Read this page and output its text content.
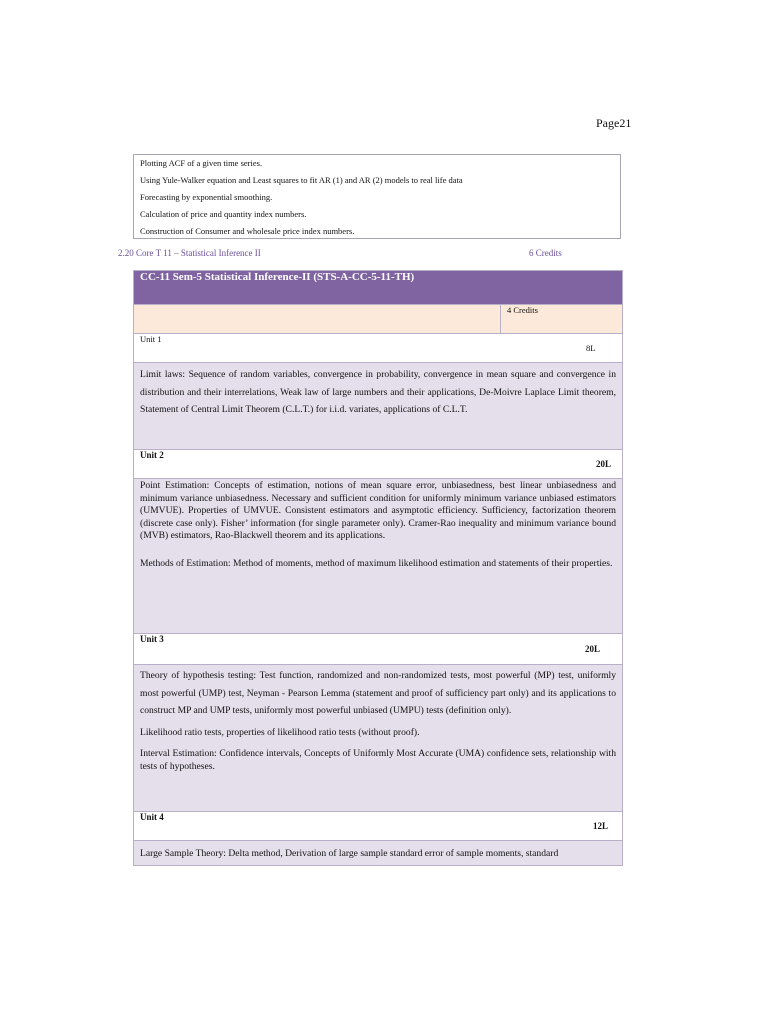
Page21
Plotting ACF of a given time series.
Using Yule-Walker equation and Least squares to fit AR (1) and AR (2) models to real life data
Forecasting by exponential smoothing.
Calculation of price and quantity index numbers.
Construction of Consumer and wholesale price index numbers.
2.20 Core T 11 – Statistical Inference II	6 Credits
CC-11 Sem-5 Statistical Inference-II (STS-A-CC-5-11-TH)
	4 Credits
Unit 1
8L

Limit laws: Sequence of random variables, convergence in probability, convergence in mean square and convergence in distribution and their interrelations, Weak law of large numbers and their applications, De-Moivre Laplace Limit theorem, Statement of Central Limit Theorem (C.L.T.) for i.i.d. variates, applications of C.L.T.

Unit 2
20L

Point Estimation: Concepts of estimation, notions of mean square error, unbiasedness, best linear unbiasedness and minimum variance unbiasedness. Necessary and sufficient condition for uniformly minimum variance unbiased estimators (UMVUE). Properties of UMVUE. Consistent estimators and asymptotic efficiency. Sufficiency, factorization theorem (discrete case only). Fisher’ information (for single parameter only). Cramer-Rao inequality and minimum variance bound (MVB) estimators, Rao-Blackwell theorem and its applications.

Methods of Estimation: Method of moments, method of maximum likelihood estimation and statements of their properties.

Unit 3
20L

Theory of hypothesis testing: Test function, randomized and non-randomized tests, most powerful (MP) test, uniformly most powerful (UMP) test, Neyman - Pearson Lemma (statement and proof of sufficiency part only) and its applications to construct MP and UMP tests, uniformly most powerful unbiased (UMPU) tests (definition only).

Likelihood ratio tests, properties of likelihood ratio tests (without proof).

Interval Estimation: Confidence intervals, Concepts of Uniformly Most Accurate (UMA) confidence sets, relationship with tests of hypotheses.

Unit 4
12L

Large Sample Theory: Delta method, Derivation of large sample standard error of sample moments, standard
